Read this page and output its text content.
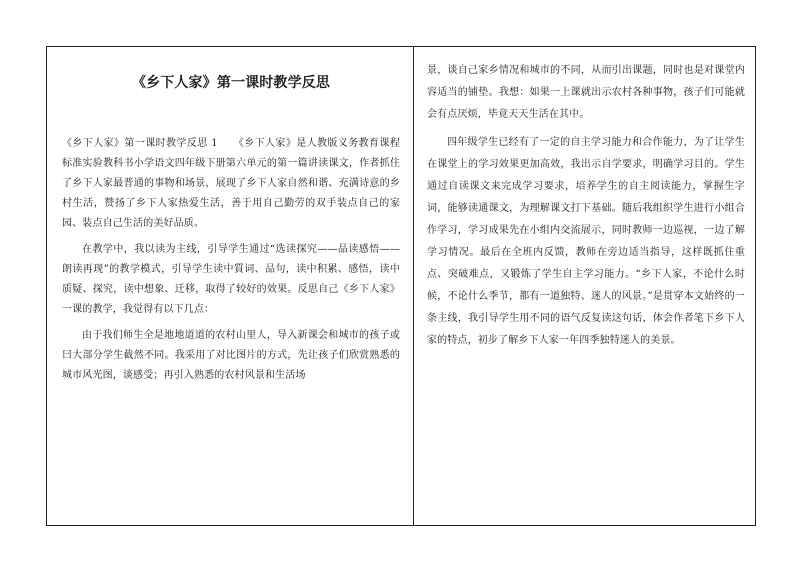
《乡下人家》第一课时教学反思

《乡下人家》第一课时教学反思 1　　《乡下人家》是人教版义务教育课程标准实验教科书小学语文四年级下册第六单元的第一篇讲读课文，作者抓住了乡下人家最普通的事物和场景，展现了乡下人家自然和谐、充满诗意的乡村生活，赞扬了乡下人家热爱生活，善于用自己勤劳的双手装点自己的家园、装点自己生活的美好品质。

在教学中，我以读为主线，引导学生通过“选读探究——品读感悟——朗读再现”的教学模式，引导学生读中質词、品句，读中积累、感悟，读中质疑、探究，读中想象、迁移，取得了较好的效果。反思自己《乡下人家》一课的教学，我觉得有以下几点：

由于我们师生全是地地道道的农村山里人，导入新课会和城市的孩子或曰大部分学生截然不同。我采用了对比图片的方式，先让孩子们欣赏熟悉的城市风光图，谈感受；再引入熟悉的农村风景和生活场

景，谈自己家乡情况和城市的不同，从而引出课题，同时也是对课堂内容适当的铺垫。我想：如果一上课就出示农村各种事物，孩子们可能就会有点厌烦，毕竟天天生活在其中。

四年级学生已经有了一定的自主学习能力和合作能力，为了让学生在课堂上的学习效果更加高效，我出示自学要求，明确学习目的。学生通过自读课文来完成学习要求，培养学生的自主阅读能力，掌握生字词，能够读通课文，为理解课文打下基础。随后我组织学生进行小组合作学习，学习成果先在小组内交流展示，同时教师一边巡视，一边了解学习情况。最后在全班内反馈，教师在旁边适当指导，这样既抓住重点、突破难点，又锻炼了学生自主学习能力。“乡下人家，不论什么时候，不论什么季节，都有一道独特、迷人的风景。”是贯穿本文始终的一条主线，我引导学生用不同的语气反复读这句话，体会作者笔下乡下人家的特点，初步了解乡下人家一年四季独特迷人的美景。
